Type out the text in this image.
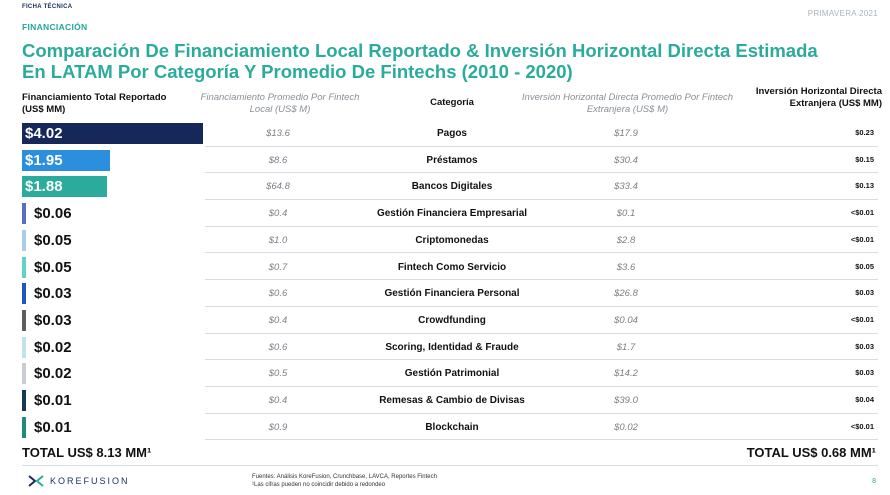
FICHA TÉCNICA
PRIMAVERA 2021
FINANCIACIÓN
Comparación De Financiamiento Local Reportado & Inversión Horizontal Directa Estimada En LATAM Por Categoría Y Promedio De Fintechs (2010 - 2020)
Financiamiento Total Reportado (US$ MM)
Financiamiento Promedio Por Fintech Local (US$ M)
Categoría	Inversión Horizontal Directa Promedio Por Fintech Extranjera (US$ M)
Inversión Horizontal Directa Extranjera (US$ MM)
$4.02	$13.6	Pagos	$17.9	$0.23
$1.95	$8.6	Préstamos	$30.4	$0.15
$1.88	$64.8	Bancos Digitales	$33.4	$0.13
$0.06	$0.4	Gestión Financiera Empresarial	$0.1	<$0.01
$0.05	$1.0	Criptomonedas	$2.8	<$0.01
$0.05	$0.7	Fintech Como Servicio	$3.6	$0.05
$0.03	$0.6	Gestión Financiera Personal	$26.8	$0.03
$0.03	$0.4	Crowdfunding	$0.04	<$0.01
$0.02	$0.6	Scoring, Identidad & Fraude	$1.7	$0.03
$0.02	$0.5	Gestión Patrimonial	$14.2	$0.03
$0.01	$0.4	Remesas & Cambio de Divisas	$39.0	$0.04
$0.01	$0.9	Blockchain	$0.02	<$0.01
TOTAL US$ 8.13 MM¹	TOTAL US$ 0.68 MM¹
KOREFUSION	Fuentes: Análisis KoreFusion, Crunchbase, LAVCA, Reportes Fintech
¹Las cifras pueden no coincidir debido a redondeo	8
